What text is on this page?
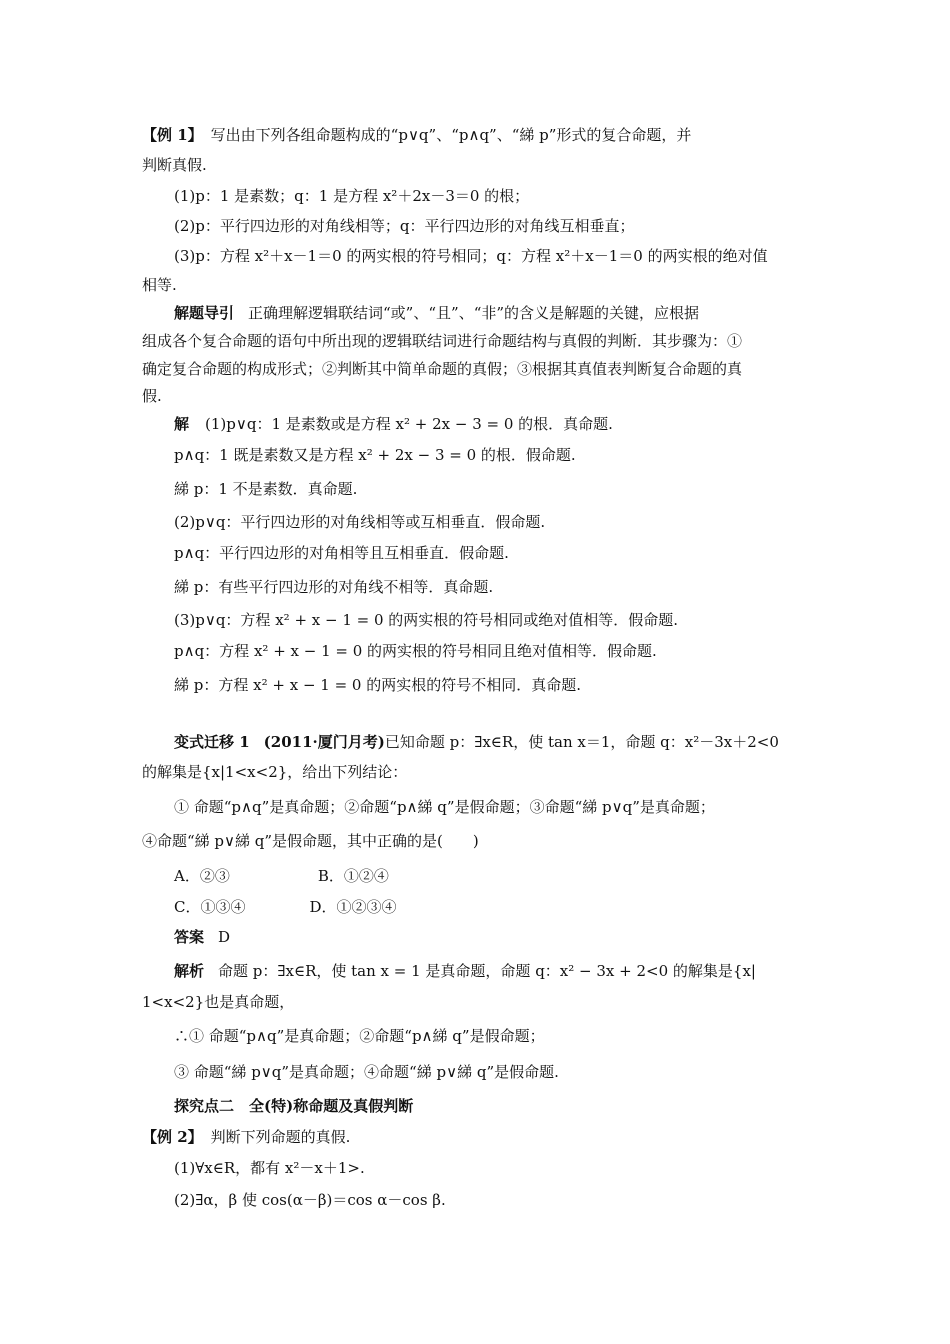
【例 1】 写出由下列各组命题构成的“p∨q”、“p∧q”、“綈 p”形式的复合命题，并
判断真假.
(1)p：1 是素数；q：1 是方程 x²＋2x－3＝0 的根；
(2)p：平行四边形的对角线相等；q：平行四边形的对角线互相垂直；
(3)p：方程 x²＋x－1＝0 的两实根的符号相同；q：方程 x²＋x－1＝0 的两实根的绝对值
相等.
解题导引 正确理解逻辑联结词“或”、“且”、“非”的含义是解题的关键，应根据
组成各个复合命题的语句中所出现的逻辑联结词进行命题结构与真假的判断．其步骤为：①
确定复合命题的构成形式；②判断其中简单命题的真假；③根据其真值表判断复合命题的真
假.
解 (1)p∨q：1 是素数或是方程 x² + 2x − 3 = 0 的根．真命题.
p∧q：1 既是素数又是方程 x² + 2x − 3 = 0 的根．假命题.
綈 p：1 不是素数．真命题.
(2)p∨q：平行四边形的对角线相等或互相垂直．假命题.
p∧q：平行四边形的对角相等且互相垂直．假命题.
綈 p：有些平行四边形的对角线不相等．真命题.
(3)p∨q：方程 x² + x − 1 = 0 的两实根的符号相同或绝对值相等．假命题.
p∧q：方程 x² + x − 1 = 0 的两实根的符号相同且绝对值相等．假命题.
綈 p：方程 x² + x − 1 = 0 的两实根的符号不相同．真命题.
变式迁移 1 (2011·厦门月考)已知命题 p：∃x∈R，使 tan x＝1，命题 q：x²－3x＋2<0
的解集是{x|1<x<2}，给出下列结论：
① 命题“p∧q”是真命题；②命题“p∧綈 q”是假命题；③命题“綈 p∨q”是真命题；
④命题“綈 p∨綈 q”是假命题，其中正确的是(　　)
A．②③	B．①②④
C．①③④	D．①②③④
答案 D
解析 命题 p：∃x∈R，使 tan x = 1 是真命题，命题 q：x² − 3x + 2<0 的解集是{x|
1<x<2}也是真命题，
∴① 命题“p∧q”是真命题；②命题“p∧綈 q”是假命题；
③ 命题“綈 p∨q”是真命题；④命题“綈 p∨綈 q”是假命题.
探究点二　全(特)称命题及真假判断
【例 2】 判断下列命题的真假.
(1)∀x∈R，都有 x²－x＋1>.
(2)∃α，β 使 cos(α－β)＝cos α－cos β.
